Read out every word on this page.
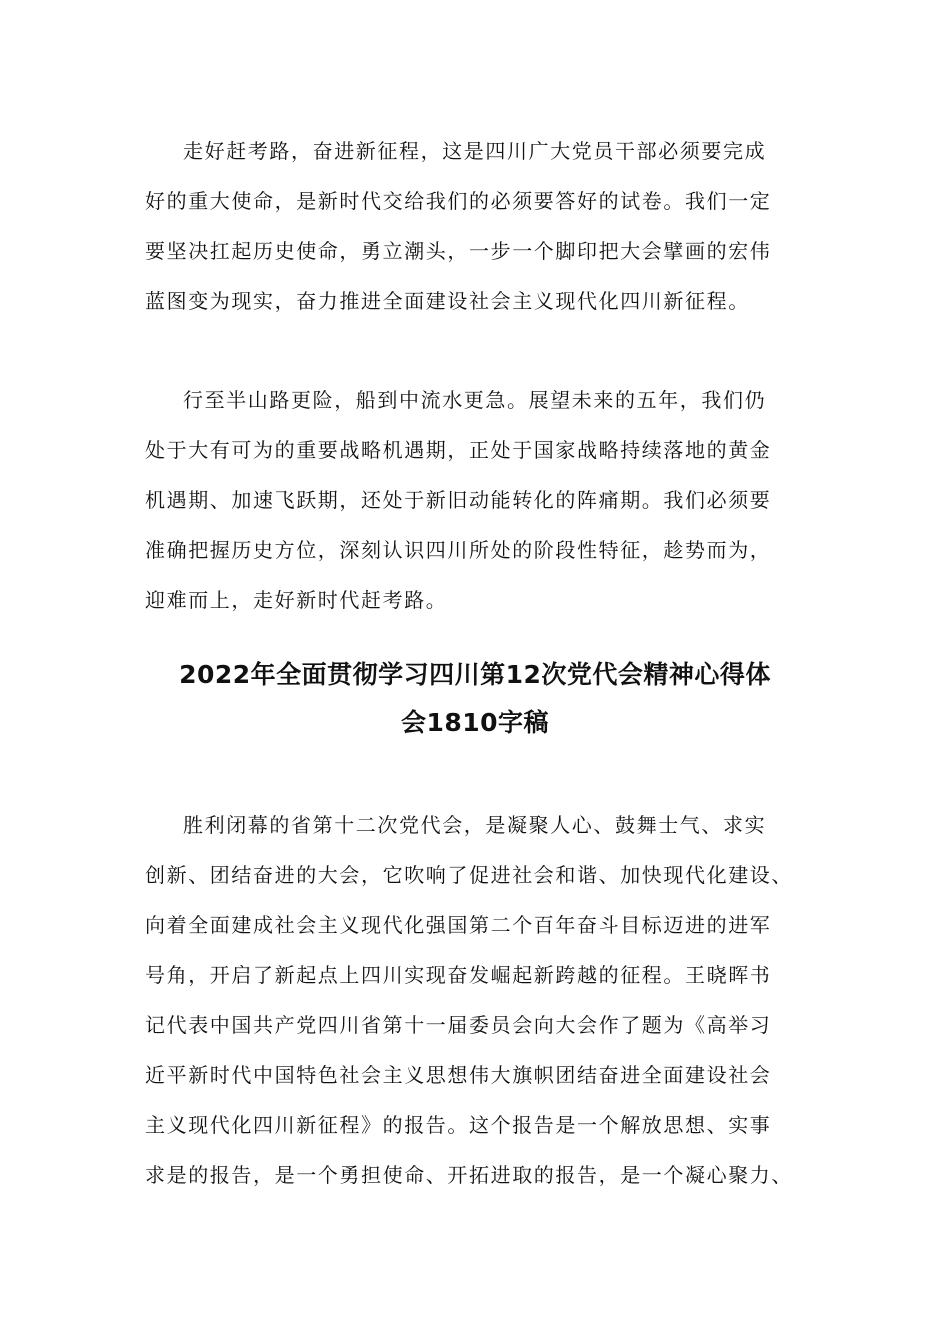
走好赶考路，奋进新征程，这是四川广大党员干部必须要完成
好的重大使命，是新时代交给我们的必须要答好的试卷。我们一定
要坚决扛起历史使命，勇立潮头，一步一个脚印把大会擘画的宏伟
蓝图变为现实，奋力推进全面建设社会主义现代化四川新征程。
行至半山路更险，船到中流水更急。展望未来的五年，我们仍
处于大有可为的重要战略机遇期，正处于国家战略持续落地的黄金
机遇期、加速飞跃期，还处于新旧动能转化的阵痛期。我们必须要
准确把握历史方位，深刻认识四川所处的阶段性特征，趁势而为，
迎难而上，走好新时代赶考路。
2022年全面贯彻学习四川第12次党代会精神心得体
会1810字稿
胜利闭幕的省第十二次党代会，是凝聚人心、鼓舞士气、求实
创新、团结奋进的大会，它吹响了促进社会和谐、加快现代化建设、
向着全面建成社会主义现代化强国第二个百年奋斗目标迈进的进军
号角，开启了新起点上四川实现奋发崛起新跨越的征程。王晓晖书
记代表中国共产党四川省第十一届委员会向大会作了题为《高举习
近平新时代中国特色社会主义思想伟大旗帜团结奋进全面建设社会
主义现代化四川新征程》的报告。这个报告是一个解放思想、实事
求是的报告，是一个勇担使命、开拓进取的报告，是一个凝心聚力、
